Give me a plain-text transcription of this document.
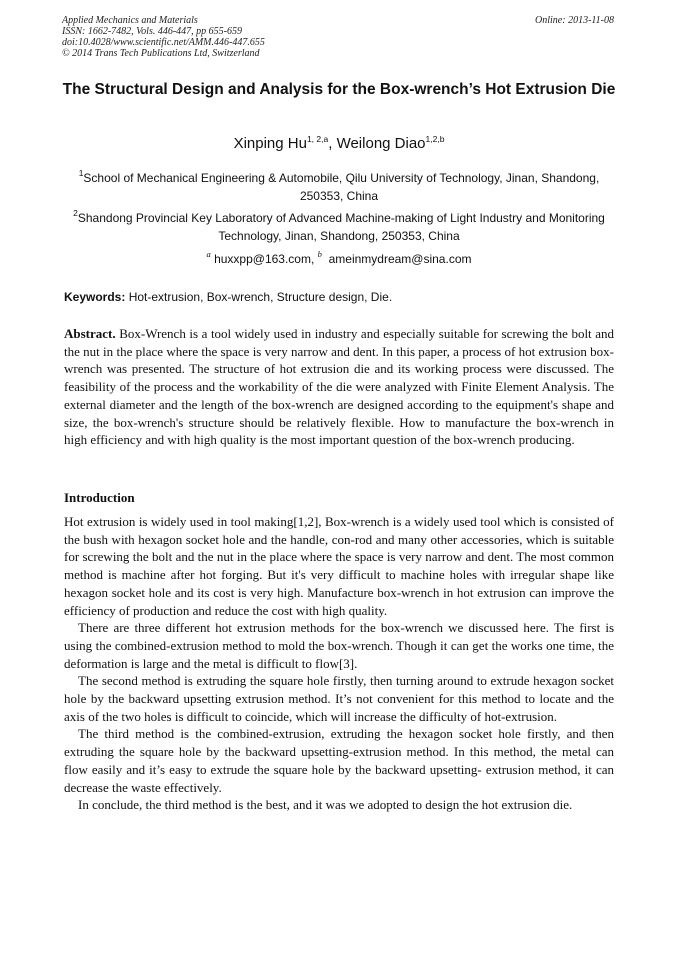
Applied Mechanics and Materials
ISSN: 1662-7482, Vols. 446-447, pp 655-659
doi:10.4028/www.scientific.net/AMM.446-447.655
© 2014 Trans Tech Publications Ltd, Switzerland
Online: 2013-11-08
The Structural Design and Analysis for the Box-wrench’s Hot Extrusion Die
Xinping Hu$^{1, 2,a}$, Weilong Diao$^{1,2,b}$
$^1$School of Mechanical Engineering & Automobile, Qilu University of Technology, Jinan, Shandong, 250353, China
$^2$Shandong Provincial Key Laboratory of Advanced Machine-making of Light Industry and Monitoring Technology, Jinan, Shandong, 250353, China
$^a$ huxxpp@163.com, $^b$ ameinmydream@sina.com
Keywords: Hot-extrusion, Box-wrench, Structure design, Die.
Abstract. Box-Wrench is a tool widely used in industry and especially suitable for screwing the bolt and the nut in the place where the space is very narrow and dent. In this paper, a process of hot extrusion box-wrench was presented. The structure of hot extrusion die and its working process were discussed. The feasibility of the process and the workability of the die were analyzed with Finite Element Analysis. The external diameter and the length of the box-wrench are designed according to the equipment's shape and size, the box-wrench's structure should be relatively flexible. How to manufacture the box-wrench in high efficiency and with high quality is the most important question of the box-wrench producing.
Introduction

Hot extrusion is widely used in tool making[1,2], Box-wrench is a widely used tool which is consisted of the bush with hexagon socket hole and the handle, con-rod and many other accessories, which is suitable for screwing the bolt and the nut in the place where the space is very narrow and dent. The most common method is machine after hot forging. But it's very difficult to machine holes with irregular shape like hexagon socket hole and its cost is very high. Manufacture box-wrench in hot extrusion can improve the efficiency of production and reduce the cost with high quality.

There are three different hot extrusion methods for the box-wrench we discussed here. The first is using the combined-extrusion method to mold the box-wrench. Though it can get the works one time, the deformation is large and the metal is difficult to flow[3].

The second method is extruding the square hole firstly, then turning around to extrude hexagon socket hole by the backward upsetting extrusion method. It’s not convenient for this method to locate and the axis of the two holes is difficult to coincide, which will increase the difficulty of hot-extrusion.

The third method is the combined-extrusion, extruding the hexagon socket hole firstly, and then extruding the square hole by the backward upsetting-extrusion method. In this method, the metal can flow easily and it’s easy to extrude the square hole by the backward upsetting- extrusion method, it can decrease the waste effectively.

In conclude, the third method is the best, and it was we adopted to design the hot extrusion die.
